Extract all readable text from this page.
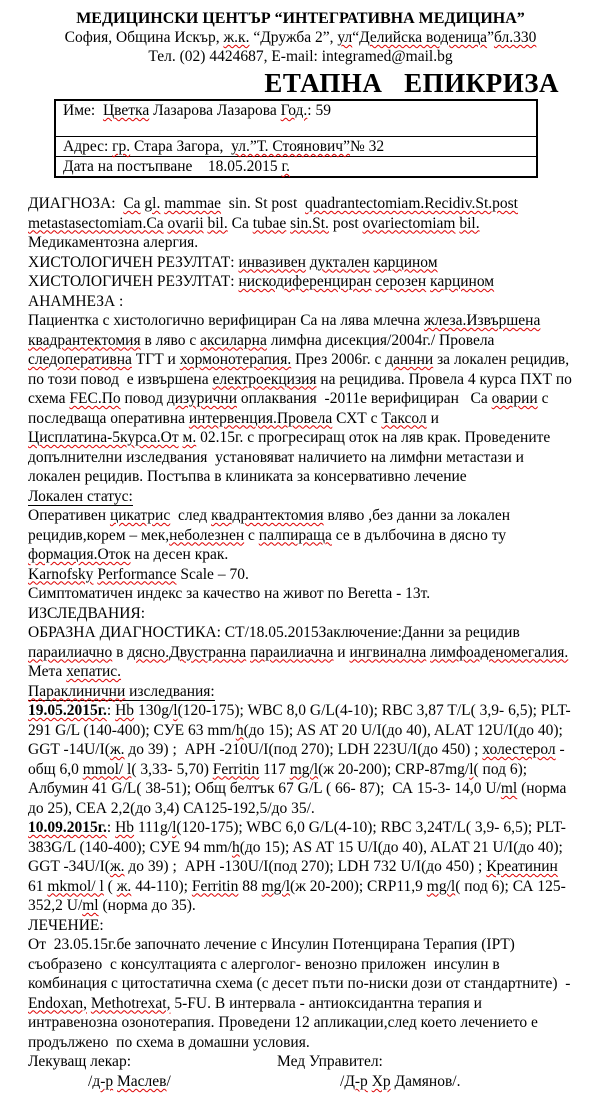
МЕДИЦИНСКИ ЦЕНТЪР “ИНТЕГРАТИВНА МЕДИЦИНА”
София, Община Искър, ж.к. “Дружба 2”, ул“Делийска воденица”бл.330
Тел. (02) 4424687, E-mail: integramed@mail.bg
ЕТАПНА   ЕПИКРИЗА
Име:  Цветка Лазарова Лазарова Год.: 59
Адрес: гр. Стара Загора,  ул.”Т. Стоянович”№ 32
Дата на постъпване    18.05.2015 г.
ДИАГНОЗА:  Ca gl. mammae  sin. St post  quadrantectomiam.Recidiv.St.post metastasectomiam.Ca ovarii bil. Ca tubae sin.St. post ovariectomiam bil.  Медикаментозна алергия.
ХИСТОЛОГИЧЕН РЕЗУЛТАТ: инвазивен дуктален карцином
ХИСТОЛОГИЧЕН РЕЗУЛТАТ: нискодиференциран серозен карцином
АНАМНЕЗА :
Пациентка с хистологично верифициран Са на лява млечна жлеза.Извършена квадрантектомия в ляво с аксиларна лимфна дисекция/2004г./ Провела следоперативна ТГТ и хормонотерапия. През 2006г. с даннни за локален рецидив, по този повод  е извършена електроекцизия на рецидива. Провела 4 курса ПХТ по схема FEC.По повод дизурични оплаквания  -2011е верифициран   Са оварии с последваща оперативна интервенция.Провела СХТ с Таксол и Цисплатина-5курса.От м. 02.15г. с прогресиращ оток на ляв крак. Проведените допълнителни изследвания  установяват наличието на лимфни метастази и локален рецидив. Постъпва в клиниката за консервативно лечение
Локален статус:
Оперативен цикатрис  след квадрантектомия вляво ,без данни за локален рецидив,корем – мек,неболезнен с палпираща се в дълбочина в дясно ту формация.Оток на десен крак.
Karnofsky Performance Scale – 70.
Симптоматичен индекс за качество на живот по Beretta - 13т.
ИЗСЛЕДВАНИЯ:
ОБРАЗНА ДИАГНОСТИКА: СТ/18.05.2015Заключение:Данни за рецидив параилиачно в дясно.Двустранна параилиачна и ингвинална лимфоаденомегалия. Мета хепатис.
Параклинични изследвания:
19.05.2015г.: Hb 130g/l(120-175); WBC 8,0 G/L(4-10); RBC 3,87 T/L( 3,9- 6,5); PLT- 291 G/L (140-400); СУЕ 63 mm/h(до 15); AS AT 20 U/I(до 40), ALAT 12U/I(до 40); GGT -14U/I(ж. до 39) ;  АРН -210U/I(под 270); LDH 223U/I(до 450) ; холестерол - общ 6,0 mmol/ l( 3,33- 5,70) Ferritin 117 mg/l(ж 20-200); CRP-87mg/l( под 6); Албумин 41 G/L( 38-51); Общ белтък 67 G/L ( 66- 87);  СА 15-3- 14,0 U/ml (норма до 25), СЕА 2,2(до 3,4) СА125-192,5/до 35/.
10.09.2015г.: Hb 111g/l(120-175); WBC 6,0 G/L(4-10); RBC 3,24T/L( 3,9- 6,5); PLT- 383G/L (140-400); СУЕ 94 mm/h(до 15); AS AT 15 U/I(до 40), ALAT 21 U/I(до 40); GGT -34U/I(ж. до 39) ;  АРН -130U/I(под 270); LDH 732 U/I(до 450) ; Креатинин 61 mkmol/ l ( ж. 44-110); Ferritin 88 mg/l(ж 20-200); CRP11,9 mg/l( под 6); СА 125-352,2 U/ml (норма до 35).
ЛЕЧЕНИЕ:
От  23.05.15г.бе започнато лечение с Инсулин Потенцирана Терапия (IPT) съобразено  с консултацията с алерголог- венозно приложен  инсулин в комбинация с цитостатична схема (с десет пъти по-ниски дози от стандартните)  - Endoxan, Methotrexat, 5-FU. В интервала - антиоксидантна терапия и интравенозна озонотерапия. Проведени 12 апликации,след което лечението е продължено  по схема в домашни условия.
Лекуващ лекар:	Мед Управител:
/д-р Маслев/	/Д-р Хр Дамянов/.
